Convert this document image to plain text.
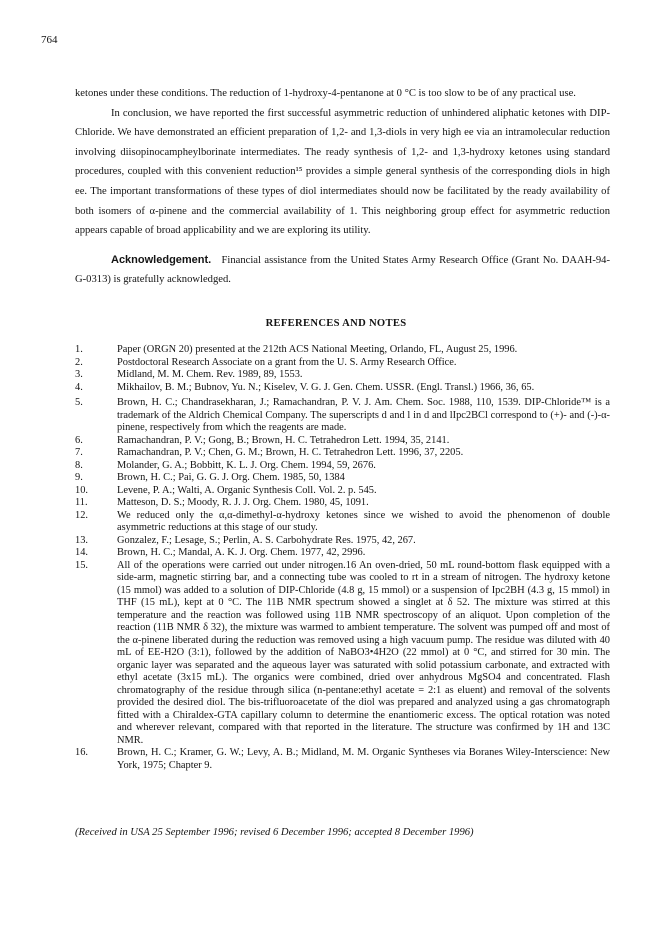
764

ketones under these conditions. The reduction of 1-hydroxy-4-pentanone at 0 °C is too slow to be of any practical use.

In conclusion, we have reported the first successful asymmetric reduction of unhindered aliphatic ketones with DIP-Chloride. We have demonstrated an efficient preparation of 1,2- and 1,3-diols in very high ee via an intramolecular reduction involving diisopinocampheylborinate intermediates. The ready synthesis of 1,2- and 1,3-hydroxy ketones using standard procedures, coupled with this convenient reduction¹⁵ provides a simple general synthesis of the corresponding diols in high ee. The important transformations of these types of diol intermediates should now be facilitated by the ready availability of both isomers of α-pinene and the commercial availability of 1. This neighboring group effect for asymmetric reduction appears capable of broad applicability and we are exploring its utility.

Acknowledgement. Financial assistance from the United States Army Research Office (Grant No. DAAH-94-G-0313) is gratefully acknowledged.

REFERENCES AND NOTES
1.	Paper (ORGN 20) presented at the 212th ACS National Meeting, Orlando, FL, August 25, 1996.
2.	Postdoctoral Research Associate on a grant from the U. S. Army Research Office.
3.	Midland, M. M. Chem. Rev. 1989, 89, 1553.
4.	Mikhailov, B. M.; Bubnov, Yu. N.; Kiselev, V. G. J. Gen. Chem. USSR. (Engl. Transl.) 1966, 36, 65.
5.	Brown, H. C.; Chandrasekharan, J.; Ramachandran, P. V. J. Am. Chem. Soc. 1988, 110, 1539. DIP-Chloride™ is a trademark of the Aldrich Chemical Company. The superscripts d and l in d and lIpc2BCl correspond to (+)- and (-)-α-pinene, respectively from which the reagents are made.
6.	Ramachandran, P. V.; Gong, B.; Brown, H. C. Tetrahedron Lett. 1994, 35, 2141.
7.	Ramachandran, P. V.; Chen, G. M.; Brown, H. C. Tetrahedron Lett. 1996, 37, 2205.
8.	Molander, G. A.; Bobbitt, K. L. J. Org. Chem. 1994, 59, 2676.
9.	Brown, H. C.; Pai, G. G. J. Org. Chem. 1985, 50, 1384
10.	Levene, P. A.; Walti, A. Organic Synthesis Coll. Vol. 2. p. 545.
11.	Matteson, D. S.; Moody, R. J. J. Org. Chem. 1980, 45, 1091.
12.	We reduced only the α,α-dimethyl-α-hydroxy ketones since we wished to avoid the phenomenon of double asymmetric reductions at this stage of our study.
13.	Gonzalez, F.; Lesage, S.; Perlin, A. S. Carbohydrate Res. 1975, 42, 267.
14.	Brown, H. C.; Mandal, A. K. J. Org. Chem. 1977, 42, 2996.
15.	All of the operations were carried out under nitrogen.16 An oven-dried, 50 mL round-bottom flask equipped with a side-arm, magnetic stirring bar, and a connecting tube was cooled to rt in a stream of nitrogen. The hydroxy ketone (15 mmol) was added to a solution of DIP-Chloride (4.8 g, 15 mmol) or a suspension of Ipc2BH (4.3 g, 15 mmol) in THF (15 mL), kept at 0 °C. The 11B NMR spectrum showed a singlet at δ 52. The mixture was stirred at this temperature and the reaction was followed using 11B NMR spectroscopy of an aliquot. Upon completion of the reaction (11B NMR δ 32), the mixture was warmed to ambient temperature. The solvent was pumped off and most of the α-pinene liberated during the reduction was removed using a high vacuum pump. The residue was diluted with 40 mL of EE-H2O (3:1), followed by the addition of NaBO3•4H2O (22 mmol) at 0 °C, and stirred for 30 min. The organic layer was separated and the aqueous layer was saturated with solid potassium carbonate, and extracted with ethyl acetate (3x15 mL). The organics were combined, dried over anhydrous MgSO4 and concentrated. Flash chromatography of the residue through silica (n-pentane:ethyl acetate = 2:1 as eluent) and removal of the solvents provided the desired diol. The bis-trifluoroacetate of the diol was prepared and analyzed using a gas chromatograph fitted with a Chiraldex-GTA capillary column to determine the enantiomeric excess. The optical rotation was noted and wherever relevant, compared with that reported in the literature. The structure was confirmed by 1H and 13C NMR.
16.	Brown, H. C.; Kramer, G. W.; Levy, A. B.; Midland, M. M. Organic Syntheses via Boranes Wiley-Interscience: New York, 1975; Chapter 9.
(Received in USA 25 September 1996; revised 6 December 1996; accepted 8 December 1996)
